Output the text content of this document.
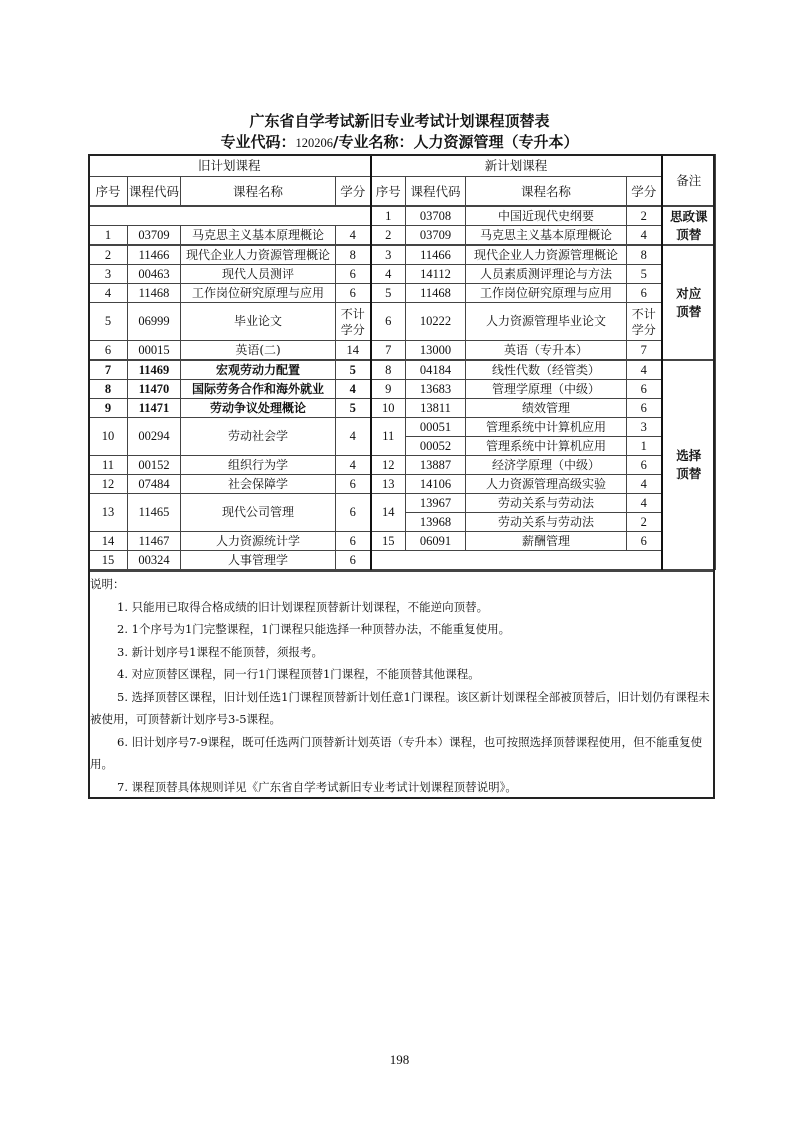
广东省自学考试新旧专业考试计划课程顶替表
专业代码：120206/专业名称：人力资源管理（专升本）
旧计划课程				新计划课程				备注
序号	课程代码	课程名称	学分	序号	课程代码	课程名称	学分	
				1	03708	中国近现代史纲要	2	思政课顶替
1	03709	马克思主义基本原理概论	4	2	03709	马克思主义基本原理概论	4	
2	11466	现代企业人力资源管理概论	8	3	11466	现代企业人力资源管理概论	8	对应顶替
3	00463	现代人员测评	6	4	14112	人员素质测评理论与方法	5	
4	11468	工作岗位研究原理与应用	6	5	11468	工作岗位研究原理与应用	6	
5	06999	毕业论文	不计学分	6	10222	人力资源管理毕业论文	不计学分	
6	00015	英语(二)	14	7	13000	英语（专升本）	7	
7	11469	宏观劳动力配置	5	8	04184	线性代数（经管类）	4	选择顶替
8	11470	国际劳务合作和海外就业	4	9	13683	管理学原理（中级）	6	
9	11471	劳动争议处理概论	5	10	13811	绩效管理	6	
10	00294	劳动社会学	4	11	00051	管理系统中计算机应用	3	
					00052	管理系统中计算机应用	1	
11	00152	组织行为学	4	12	13887	经济学原理（中级）	6	
12	07484	社会保障学	6	13	14106	人力资源管理高级实验	4	
13	11465	现代公司管理	6	14	13967	劳动关系与劳动法	4	
					13968	劳动关系与劳动法	2	
14	11467	人力资源统计学	6	15	06091	薪酬管理	6	
15	00324	人事管理学	6					
说明：
1. 只能用已取得合格成绩的旧计划课程顶替新计划课程，不能逆向顶替。
2. 1个序号为1门完整课程，1门课程只能选择一种顶替办法，不能重复使用。
3. 新计划序号1课程不能顶替，须报考。
4. 对应顶替区课程，同一行1门课程顶替1门课程，不能顶替其他课程。
5. 选择顶替区课程，旧计划任选1门课程顶替新计划任意1门课程。该区新计划课程全部被顶替后，旧计划仍有课程未被使用，可顶替新计划序号3-5课程。
6. 旧计划序号7-9课程，既可任选两门顶替新计划英语（专升本）课程，也可按照选择顶替课程使用，但不能重复使用。
7. 课程顶替具体规则详见《广东省自学考试新旧专业考试计划课程顶替说明》。
198
